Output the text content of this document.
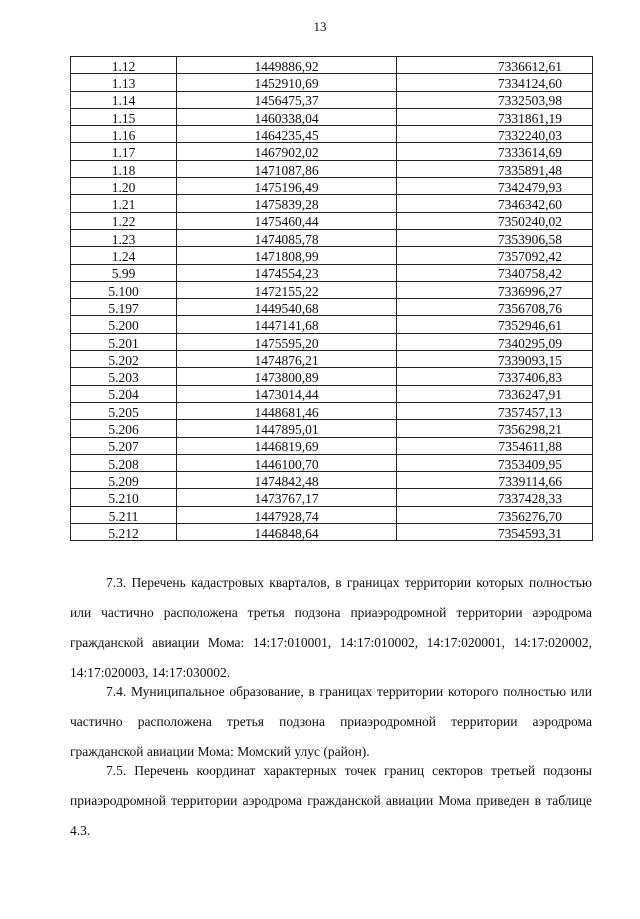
13
1.12	1449886,92	7336612,61
1.13	1452910,69	7334124,60
1.14	1456475,37	7332503,98
1.15	1460338,04	7331861,19
1.16	1464235,45	7332240,03
1.17	1467902,02	7333614,69
1.18	1471087,86	7335891,48
1.20	1475196,49	7342479,93
1.21	1475839,28	7346342,60
1.22	1475460,44	7350240,02
1.23	1474085,78	7353906,58
1.24	1471808,99	7357092,42
5.99	1474554,23	7340758,42
5.100	1472155,22	7336996,27
5.197	1449540,68	7356708,76
5.200	1447141,68	7352946,61
5.201	1475595,20	7340295,09
5.202	1474876,21	7339093,15
5.203	1473800,89	7337406,83
5.204	1473014,44	7336247,91
5.205	1448681,46	7357457,13
5.206	1447895,01	7356298,21
5.207	1446819,69	7354611,88
5.208	1446100,70	7353409,95
5.209	1474842,48	7339114,66
5.210	1473767,17	7337428,33
5.211	1447928,74	7356276,70
5.212	1446848,64	7354593,31

7.3. Перечень кадастровых кварталов, в границах территории которых полностью или частично расположена третья подзона приаэродромной территории аэродрома гражданской авиации Мома: 14:17:010001, 14:17:010002, 14:17:020001, 14:17:020002, 14:17:020003, 14:17:030002.

7.4. Муниципальное образование, в границах территории которого полностью или частично расположена третья подзона приаэродромной территории аэродрома гражданской авиации Мома: Момский улус (район).

7.5. Перечень координат характерных точек границ секторов третьей подзоны приаэродромной территории аэродрома гражданской авиации Мома приведен в таблице 4.3.
